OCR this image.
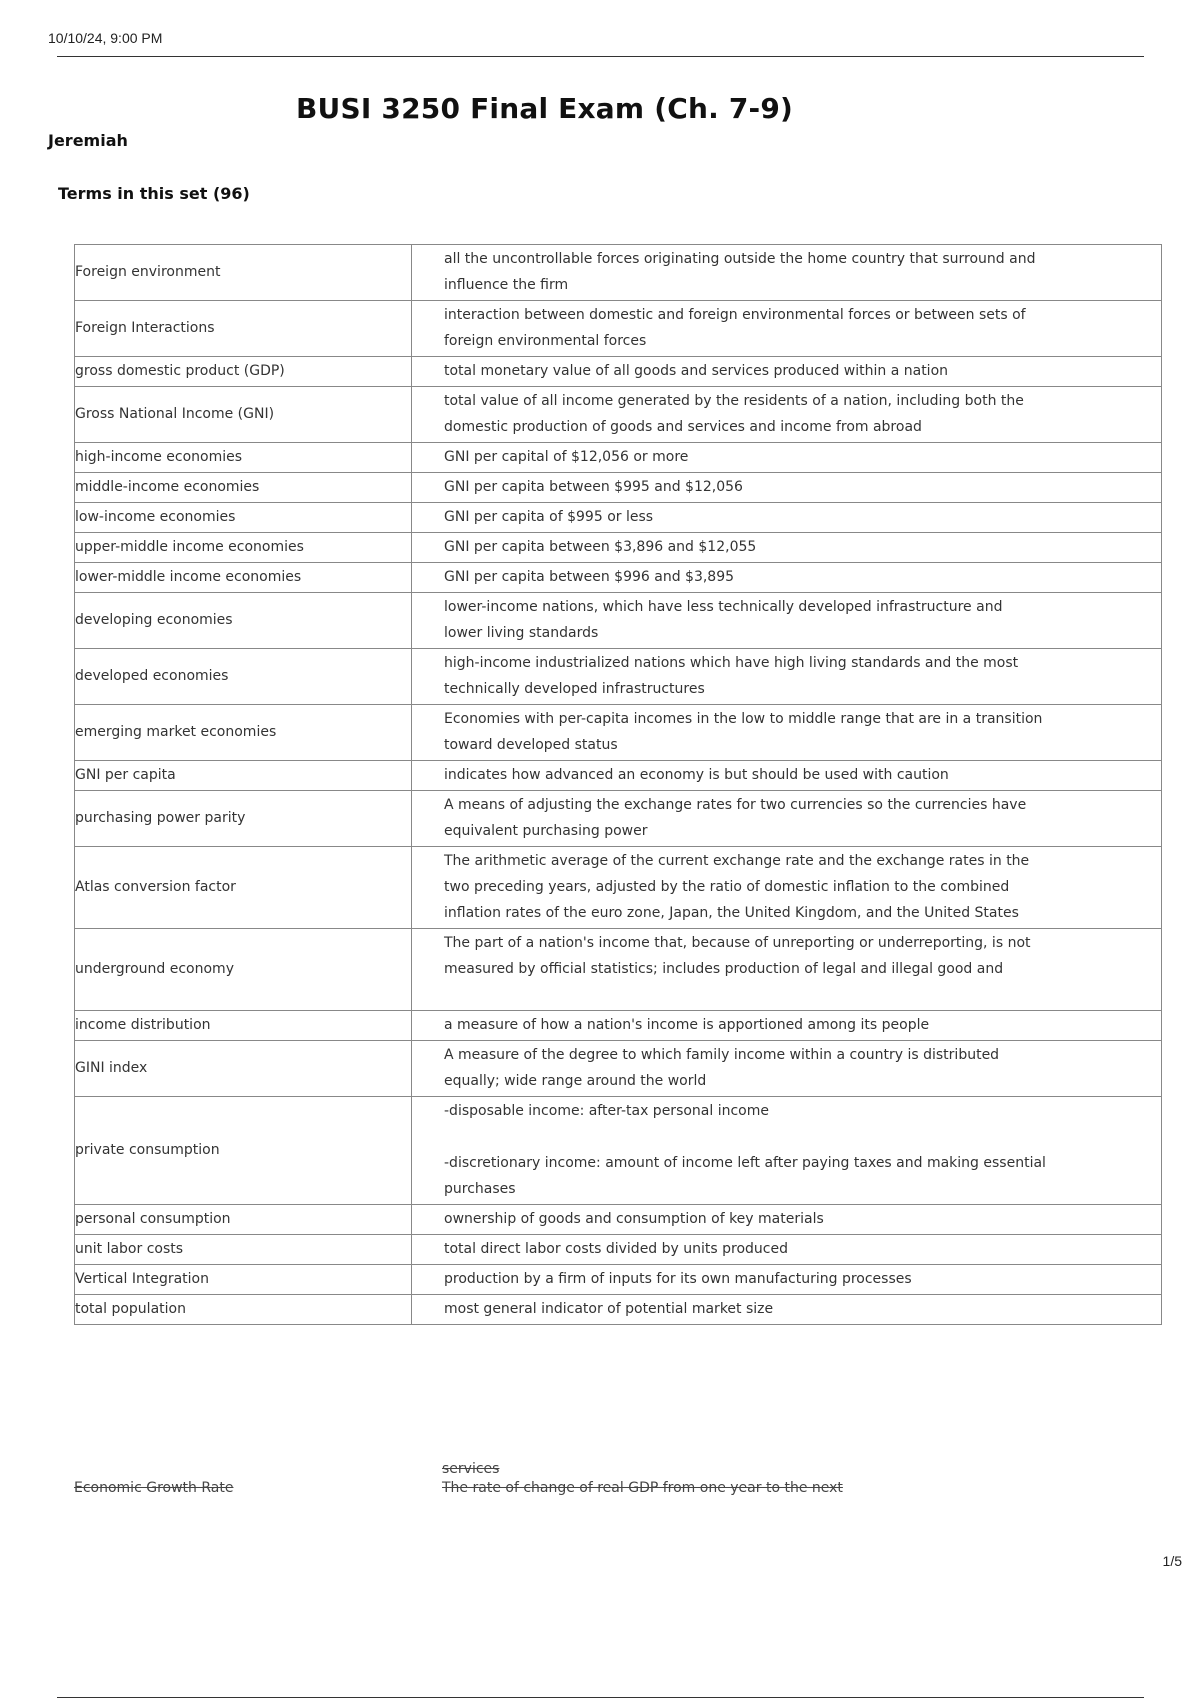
10/10/24, 9:00 PM
BUSI 3250 Final Exam (Ch. 7-9)
Jeremiah
Terms in this set (96)
Foreign environment	all the uncontrollable forces originating outside the home country that surround and
influence the firm

Foreign Interactions	interaction between domestic and foreign environmental forces or between sets of
foreign environmental forces

gross domestic product (GDP)	total monetary value of all goods and services produced within a nation

Gross National Income (GNI)	total value of all income generated by the residents of a nation, including both the
domestic production of goods and services and income from abroad

high-income economies	GNI per capital of $12,056 or more

middle-income economies	GNI per capita between $995 and $12,056

low-income economies	GNI per capita of $995 or less

upper-middle income economies	GNI per capita between $3,896 and $12,055

lower-middle income economies	GNI per capita between $996 and $3,895

developing economies	lower-income nations, which have less technically developed infrastructure and
lower living standards

developed economies	high-income industrialized nations which have high living standards and the most
technically developed infrastructures

emerging market economies	Economies with per-capita incomes in the low to middle range that are in a transition
toward developed status

GNI per capita	indicates how advanced an economy is but should be used with caution

purchasing power parity	A means of adjusting the exchange rates for two currencies so the currencies have
equivalent purchasing power

Atlas conversion factor	The arithmetic average of the current exchange rate and the exchange rates in the
two preceding years, adjusted by the ratio of domestic inflation to the combined
inflation rates of the euro zone, Japan, the United Kingdom, and the United States

underground economy	The part of a nation's income that, because of unreporting or underreporting, is not
measured by official statistics; includes production of legal and illegal good and

income distribution	a measure of how a nation's income is apportioned among its people

GINI index	A measure of the degree to which family income within a country is distributed
equally; wide range around the world

private consumption	-disposable income: after-tax personal income

-discretionary income: amount of income left after paying taxes and making essential
purchases

personal consumption	ownership of goods and consumption of key materials

unit labor costs	total direct labor costs divided by units produced

Vertical Integration	production by a firm of inputs for its own manufacturing processes

total population	most general indicator of potential market size
services
Economic Growth Rate	The rate of change of real GDP from one year to the next
1/5
